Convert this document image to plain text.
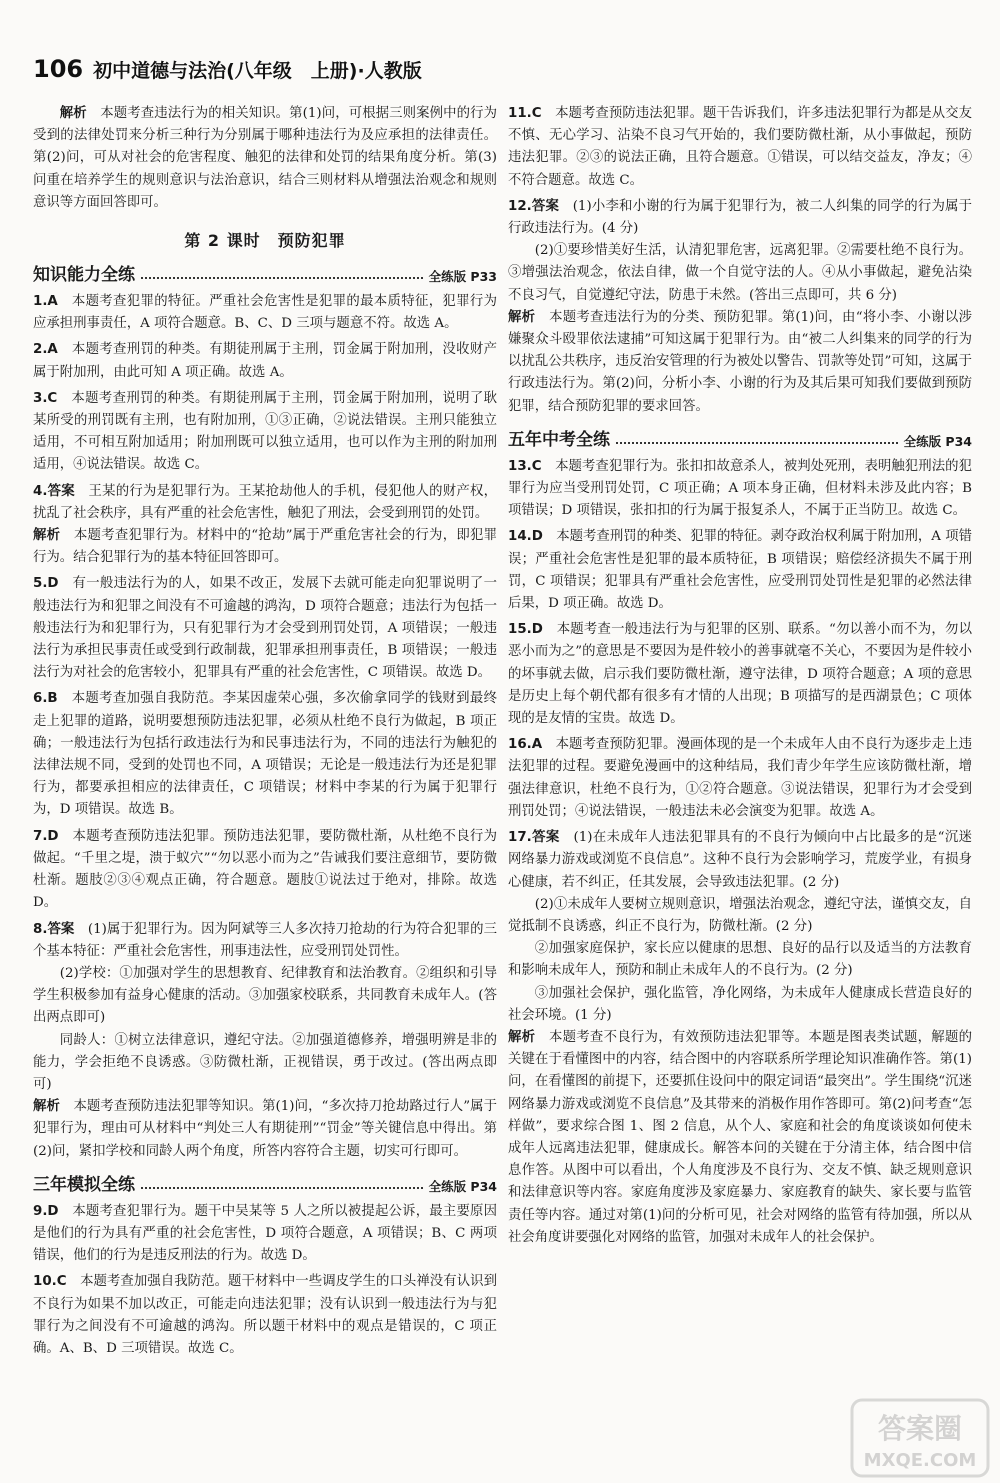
106 初中道德与法治(八年级　上册)·人教版

解析　 本题考查违法行为的相关知识。第(1)问，可根据三则案例中的行为受到的法律处罚来分析三种行为分别属于哪种违法行为及应承担的法律责任。第(2)问，可从对社会的危害程度、触犯的法律和处罚的结果角度分析。第(3)问重在培养学生的规则意识与法治意识，结合三则材料从增强法治观念和规则意识等方面回答即可。

第 2 课时　预防犯罪
知识能力全练	全练版 P33

1.A　 本题考查犯罪的特征。严重社会危害性是犯罪的最本质特征，犯罪行为应承担刑事责任，A 项符合题意。B、C、D 三项与题意不符。故选 A。

2.A　 本题考查刑罚的种类。有期徒刑属于主刑，罚金属于附加刑，没收财产属于附加刑，由此可知 A 项正确。故选 A。

3.C　 本题考查刑罚的种类。有期徒刑属于主刑，罚金属于附加刑，说明了耿某所受的刑罚既有主刑，也有附加刑，①③正确，②说法错误。主刑只能独立适用，不可相互附加适用；附加刑既可以独立适用，也可以作为主刑的附加刑适用，④说法错误。故选 C。

4.答案　 王某的行为是犯罪行为。王某抢劫他人的手机，侵犯他人的财产权，扰乱了社会秩序，具有严重的社会危害性，触犯了刑法，会受到刑罚的处罚。

解析　 本题考查犯罪行为。材料中的“抢劫”属于严重危害社会的行为，即犯罪行为。结合犯罪行为的基本特征回答即可。

5.D　 有一般违法行为的人，如果不改正，发展下去就可能走向犯罪说明了一般违法行为和犯罪之间没有不可逾越的鸿沟，D 项符合题意；违法行为包括一般违法行为和犯罪行为，只有犯罪行为才会受到刑罚处罚，A 项错误；一般违法行为承担民事责任或受到行政制裁，犯罪承担刑事责任，B 项错误；一般违法行为对社会的危害较小，犯罪具有严重的社会危害性，C 项错误。故选 D。

6.B　 本题考查加强自我防范。李某因虚荣心强，多次偷拿同学的钱财到最终走上犯罪的道路，说明要想预防违法犯罪，必须从杜绝不良行为做起，B 项正确；一般违法行为包括行政违法行为和民事违法行为，不同的违法行为触犯的法律法规不同，受到的处罚也不同，A 项错误；无论是一般违法行为还是犯罪行为，都要承担相应的法律责任，C 项错误；材料中李某的行为属于犯罪行为，D 项错误。故选 B。

7.D　 本题考查预防违法犯罪。预防违法犯罪，要防微杜渐，从杜绝不良行为做起。“千里之堤，溃于蚁穴”“勿以恶小而为之”告诫我们要注意细节，要防微杜渐。题肢②③④观点正确，符合题意。题肢①说法过于绝对，排除。故选 D。

8.答案　 (1)属于犯罪行为。因为阿斌等三人多次持刀抢劫的行为符合犯罪的三个基本特征：严重社会危害性，刑事违法性，应受刑罚处罚性。

(2)学校：①加强对学生的思想教育、纪律教育和法治教育。②组织和引导学生积极参加有益身心健康的活动。③加强家校联系，共同教育未成年人。(答出两点即可)

同龄人：①树立法律意识，遵纪守法。②加强道德修养，增强明辨是非的能力，学会拒绝不良诱惑。③防微杜渐，正视错误，勇于改过。(答出两点即可)

解析　 本题考查预防违法犯罪等知识。第(1)问，“多次持刀抢劫路过行人”属于犯罪行为，理由可从材料中“判处三人有期徒刑”“罚金”等关键信息中得出。第(2)问，紧扣学校和同龄人两个角度，所答内容符合主题，切实可行即可。

三年模拟全练	全练版 P34

9.D　 本题考查犯罪行为。题干中吴某等 5 人之所以被提起公诉，最主要原因是他们的行为具有严重的社会危害性，D 项符合题意，A 项错误；B、C 两项错误，他们的行为是违反刑法的行为。故选 D。

10.C　 本题考查加强自我防范。题干材料中一些调皮学生的口头禅没有认识到不良行为如果不加以改正，可能走向违法犯罪；没有认识到一般违法行为与犯罪行为之间没有不可逾越的鸿沟。所以题干材料中的观点是错误的，C 项正确。A、B、D 三项错误。故选 C。

11.C　 本题考查预防违法犯罪。题干告诉我们，许多违法犯罪行为都是从交友不慎、无心学习、沾染不良习气开始的，我们要防微杜渐，从小事做起，预防违法犯罪。②③的说法正确，且符合题意。①错误，可以结交益友，净友；④不符合题意。故选 C。

12.答案　 (1)小李和小谢的行为属于犯罪行为，被二人纠集的同学的行为属于行政违法行为。(4 分)

(2)①要珍惜美好生活，认清犯罪危害，远离犯罪。②需要杜绝不良行为。③增强法治观念，依法自律，做一个自觉守法的人。④从小事做起，避免沾染不良习气，自觉遵纪守法，防患于未然。(答出三点即可，共 6 分)

解析　 本题考查违法行为的分类、预防犯罪。第(1)问，由“将小李、小谢以涉嫌聚众斗殴罪依法逮捕”可知这属于犯罪行为。由“被二人纠集来的同学的行为以扰乱公共秩序，违反治安管理的行为被处以警告、罚款等处罚”可知，这属于行政违法行为。第(2)问，分析小李、小谢的行为及其后果可知我们要做到预防犯罪，结合预防犯罪的要求回答。

五年中考全练	全练版 P34

13.C　 本题考查犯罪行为。张扣扣故意杀人，被判处死刑，表明触犯刑法的犯罪行为应当受刑罚处罚，C 项正确；A 项本身正确，但材料未涉及此内容；B 项错误；D 项错误，张扣扣的行为属于报复杀人，不属于正当防卫。故选 C。

14.D　 本题考查刑罚的种类、犯罪的特征。剥夺政治权利属于附加刑，A 项错误；严重社会危害性是犯罪的最本质特征，B 项错误；赔偿经济损失不属于刑罚，C 项错误；犯罪具有严重社会危害性，应受刑罚处罚性是犯罪的必然法律后果，D 项正确。故选 D。

15.D　 本题考查一般违法行为与犯罪的区别、联系。“勿以善小而不为，勿以恶小而为之”的意思是不要因为是件较小的善事就毫不关心，不要因为是件较小的坏事就去做，启示我们要防微杜渐，遵守法律，D 项符合题意；A 项的意思是历史上每个朝代都有很多有才情的人出现；B 项描写的是西湖景色；C 项体现的是友情的宝贵。故选 D。

16.A　 本题考查预防犯罪。漫画体现的是一个未成年人由不良行为逐步走上违法犯罪的过程。要避免漫画中的这种结局，我们青少年学生应该防微杜渐，增强法律意识，杜绝不良行为，①②符合题意。③说法错误，犯罪行为才会受到刑罚处罚；④说法错误，一般违法未必会演变为犯罪。故选 A。

17.答案　 (1)在未成年人违法犯罪具有的不良行为倾向中占比最多的是“沉迷网络暴力游戏或浏览不良信息”。这种不良行为会影响学习，荒废学业，有损身心健康，若不纠正，任其发展，会导致违法犯罪。(2 分)

(2)①未成年人要树立规则意识，增强法治观念，遵纪守法，谨慎交友，自觉抵制不良诱惑，纠正不良行为，防微杜渐。(2 分)

②加强家庭保护，家长应以健康的思想、良好的品行以及适当的方法教育和影响未成年人，预防和制止未成年人的不良行为。(2 分)

③加强社会保护，强化监管，净化网络，为未成年人健康成长营造良好的社会环境。(1 分)

解析　 本题考查不良行为，有效预防违法犯罪等。本题是图表类试题，解题的关键在于看懂图中的内容，结合图中的内容联系所学理论知识准确作答。第(1)问，在看懂图的前提下，还要抓住设问中的限定词语“最突出”。学生围绕“沉迷网络暴力游戏或浏览不良信息”及其带来的消极作用作答即可。第(2)问考查“怎样做”，要求综合图 1、图 2 信息，从个人、家庭和社会的角度谈谈如何使未成年人远离违法犯罪，健康成长。解答本问的关键在于分清主体，结合图中信息作答。从图中可以看出，个人角度涉及不良行为、交友不慎、缺乏规则意识和法律意识等内容。家庭角度涉及家庭暴力、家庭教育的缺失、家长要与监管责任等内容。通过对第(1)问的分析可见，社会对网络的监管有待加强，所以从社会角度讲要强化对网络的监管，加强对未成年人的社会保护。

答案圈
MXQE.COM
